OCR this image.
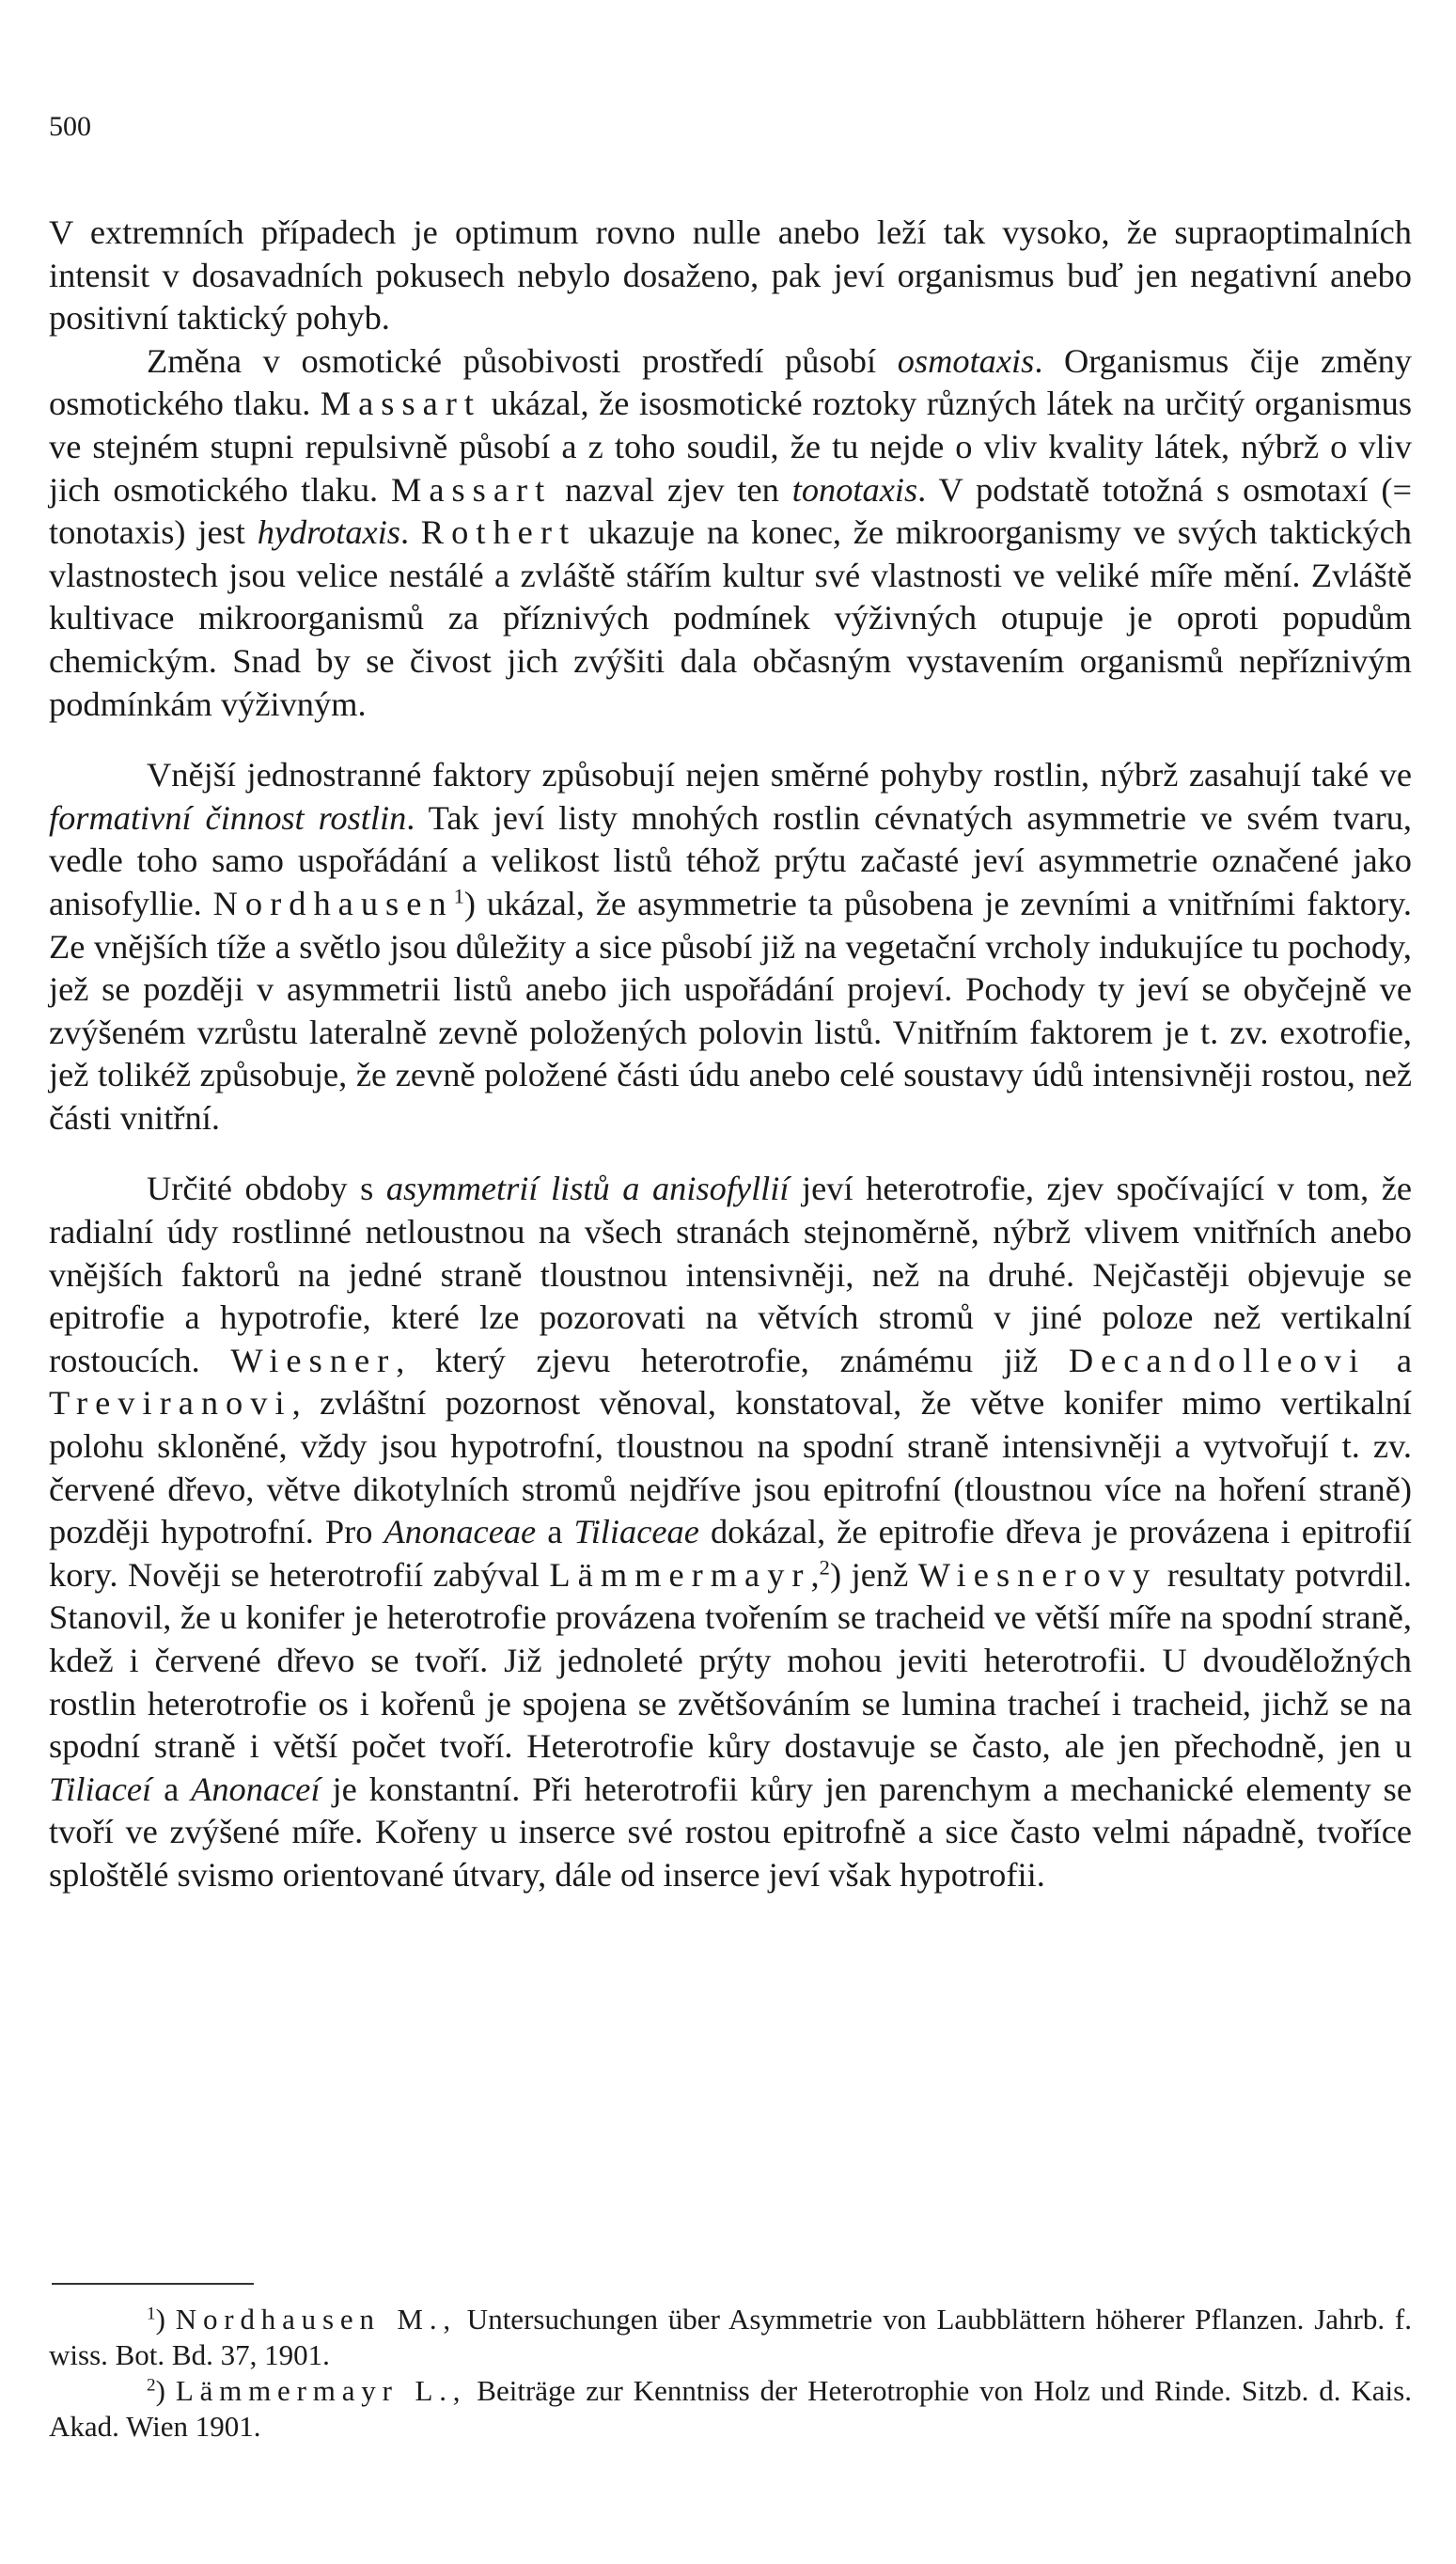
500

V extremních případech je optimum rovno nulle anebo leží tak vysoko, že supraoptimalních intensit v dosavadních pokusech nebylo dosaženo, pak jeví organismus buď jen negativní anebo positivní taktický pohyb.

Změna v osmotické působivosti prostředí působí osmotaxis. Organismus čije změny osmotického tlaku. Massart ukázal, že isosmotické roztoky různých látek na určitý organismus ve stejném stupni repulsivně působí a z toho soudil, že tu nejde o vliv kvality látek, nýbrž o vliv jich osmotického tlaku. Massart nazval zjev ten tonotaxis. V podstatě totožná s osmotaxí (= tonotaxis) jest hydrotaxis. Rothert ukazuje na konec, že mikroorganismy ve svých taktických vlastnostech jsou velice nestálé a zvláště stářím kultur své vlastnosti ve veliké míře mění. Zvláště kultivace mikroorganismů za příznivých podmínek výživných otupuje je oproti popudům chemickým. Snad by se čivost jich zvýšiti dala občasným vystavením organismů nepříznivým podmínkám výživným.

Vnější jednostranné faktory způsobují nejen směrné pohyby rostlin, nýbrž zasahují také ve formativní činnost rostlin. Tak jeví listy mnohých rostlin cévnatých asymmetrie ve svém tvaru, vedle toho samo uspořádání a velikost listů téhož prýtu začasté jeví asymmetrie označené jako anisofyllie. Nordhausen$^1$) ukázal, že asymmetrie ta působena je zevními a vnitřními faktory. Ze vnějších tíže a světlo jsou důležity a sice působí již na vegetační vrcholy indukujíce tu pochody, jež se později v asymmetrii listů anebo jich uspořádání projeví. Pochody ty jeví se obyčejně ve zvýšeném vzrůstu lateralně zevně položených polovin listů. Vnitřním faktorem je t. zv. exotrofie, jež tolikéž způsobuje, že zevně položené části údu anebo celé soustavy údů intensivněji rostou, než části vnitřní.

Určité obdoby s asymmetrií listů a anisofyllií jeví heterotrofie, zjev spočívající v tom, že radialní údy rostlinné netloustnou na všech stranách stejnoměrně, nýbrž vlivem vnitřních anebo vnějších faktorů na jedné straně tloustnou intensivněji, než na druhé. Nejčastěji objevuje se epitrofie a hypotrofie, které lze pozorovati na větvích stromů v jiné poloze než vertikalní rostoucích. Wiesner, který zjevu heterotrofie, známému již Decandolleovi a Treviranovi, zvláštní pozornost věnoval, konstatoval, že větve konifer mimo vertikalní polohu skloněné, vždy jsou hypotrofní, tloustnou na spodní straně intensivněji a vytvořují t. zv. červené dřevo, větve dikotylních stromů nejdříve jsou epitrofní (tloustnou více na hoření straně) později hypotrofní. Pro Anonaceae a Tiliaceae dokázal, že epitrofie dřeva je provázena i epitrofií kory. Nověji se heterotrofií zabýval Lämmermayr,$^2$) jenž Wiesnerovy resultaty potvrdil. Stanovil, že u konifer je heterotrofie provázena tvořením se tracheid ve větší míře na spodní straně, kdež i červené dřevo se tvoří. Již jednoleté prýty mohou jeviti heterotrofii. U dvouděložných rostlin heterotrofie os i kořenů je spojena se zvětšováním se lumina tracheí i tracheid, jichž se na spodní straně i větší počet tvoří. Heterotrofie kůry dostavuje se často, ale jen přechodně, jen u Tiliaceí a Anonaceí je konstantní. Při heterotrofii kůry jen parenchym a mechanické elementy se tvoří ve zvýšené míře. Kořeny u inserce své rostou epitrofně a sice často velmi nápadně, tvoříce sploštělé svismo orientované útvary, dále od inserce jeví však hypotrofii.

$^1$) Nordhausen M., Untersuchungen über Asymmetrie von Laubblättern höherer Pflanzen. Jahrb. f. wiss. Bot. Bd. 37, 1901.

$^2$) Lämmermayr L., Beiträge zur Kenntniss der Heterotrophie von Holz und Rinde. Sitzb. d. Kais. Akad. Wien 1901.
